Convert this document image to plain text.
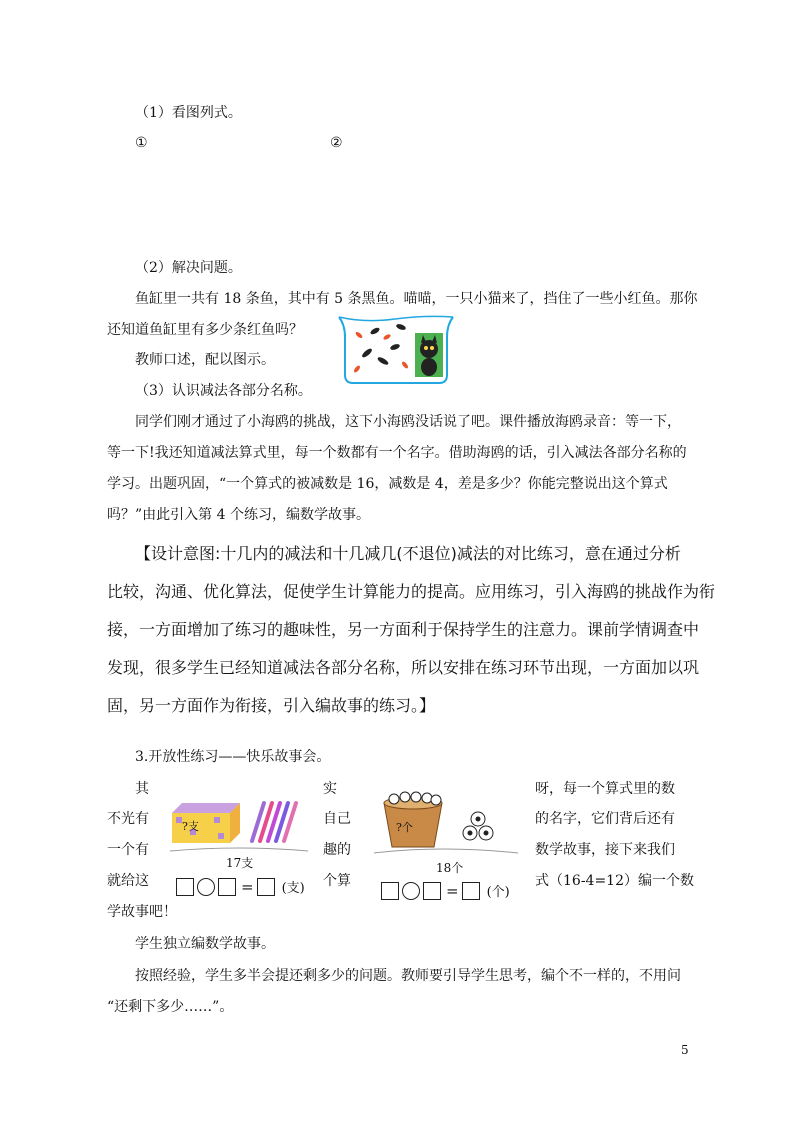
（1）看图列式。
①	②
（2）解决问题。
鱼缸里一共有 18 条鱼，其中有 5 条黑鱼。喵喵，一只小猫来了，挡住了一些小红鱼。那你
还知道鱼缸里有多少条红鱼吗？
教师口述，配以图示。
（3）认识减法各部分名称。
同学们刚才通过了小海鸥的挑战，这下小海鸥没话说了吧。课件播放海鸥录音：等一下，
等一下!我还知道减法算式里，每一个数都有一个名字。借助海鸥的话，引入减法各部分名称的
学习。出题巩固，“一个算式的被减数是 16，减数是 4，差是多少？你能完整说出这个算式
吗？”由此引入第 4 个练习，编数学故事。
【设计意图:十几内的减法和十几减几(不退位)减法的对比练习，意在通过分析
比较，沟通、优化算法，促使学生计算能力的提高。应用练习，引入海鸥的挑战作为衔
接，一方面增加了练习的趣味性，另一方面利于保持学生的注意力。课前学情调查中
发现，很多学生已经知道减法各部分名称，所以安排在练习环节出现，一方面加以巩
固，另一方面作为衔接，引入编故事的练习。】
3.开放性练习——快乐故事会。
其
不光有
一个有
就给这
实
自己
趣的
个算
呀，每一个算式里的数
的名字，它们背后还有
数学故事，接下来我们
式（16-4=12）编一个数
学故事吧！
?支
17支
= (支)
?个
18个
= (个)
学生独立编数学故事。
按照经验，学生多半会提还剩多少的问题。教师要引导学生思考，编个不一样的，不用问
“还剩下多少……”。
5
